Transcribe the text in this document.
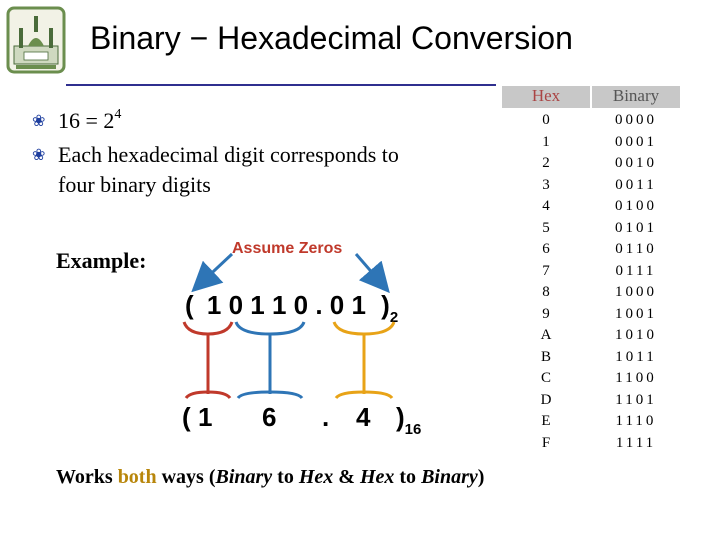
Binary − Hexadecimal Conversion
❀ $16 = 2^4$
❀ Each hexadecimal digit corresponds to
four binary digits
Example:	Assume Zeros
( 1 0 1 1 0 . 0 1 )$_2$
( 1 6 . 4 )$_{16}$
Works both ways (Binary to Hex & Hex to Binary)
Hex	Binary
0
1
2
3
4
5
6
7
8
9
A
B
C
D
E
F
0000
0001
0010
0011
0100
0101
0110
0111
1000
1001
1010
1011
1100
1101
1110
1111
